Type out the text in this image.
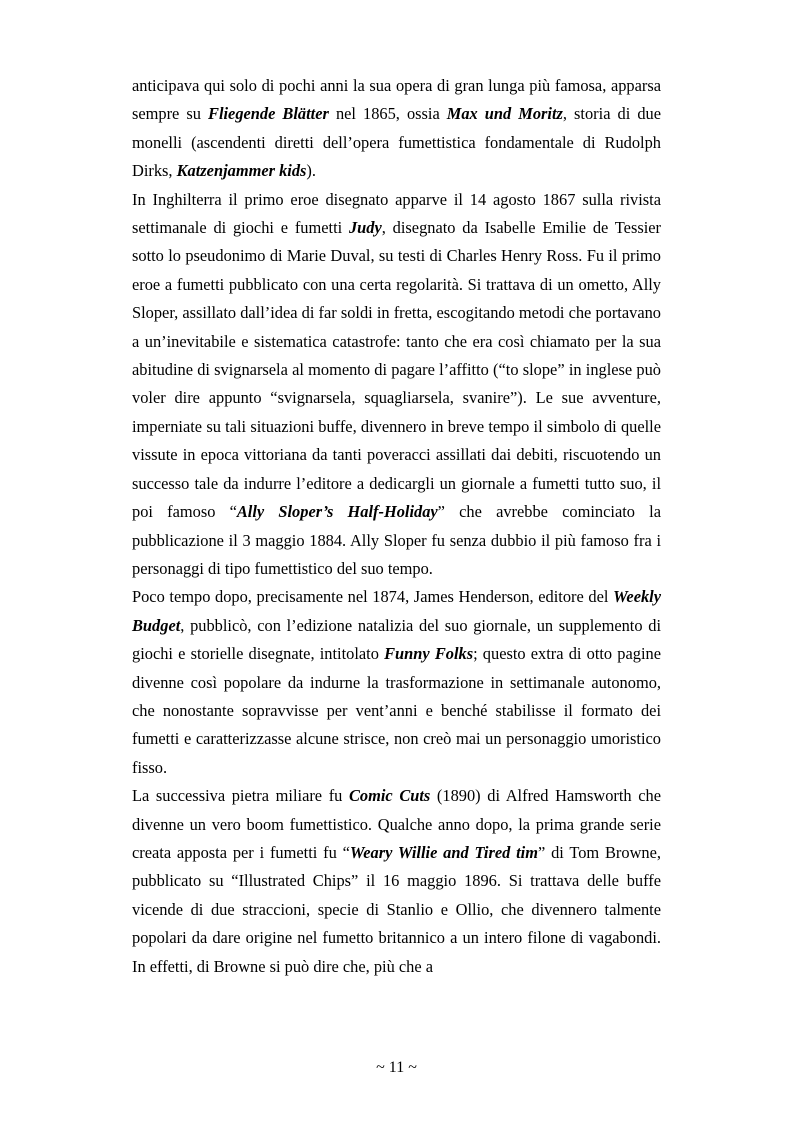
anticipava qui solo di pochi anni la sua opera di gran lunga più famosa, apparsa sempre su Fliegende Blätter nel 1865, ossia Max und Moritz, storia di due monelli (ascendenti diretti dell’opera fumettistica fondamentale di Rudolph Dirks, Katzenjammer kids).

In Inghilterra il primo eroe disegnato apparve il 14 agosto 1867 sulla rivista settimanale di giochi e fumetti Judy, disegnato da Isabelle Emilie de Tessier sotto lo pseudonimo di Marie Duval, su testi di Charles Henry Ross. Fu il primo eroe a fumetti pubblicato con una certa regolarità. Si trattava di un ometto, Ally Sloper, assillato dall’idea di far soldi in fretta, escogitando metodi che portavano a un’inevitabile e sistematica catastrofe: tanto che era così chiamato per la sua abitudine di svignarsela al momento di pagare l’affitto (“to slope” in inglese può voler dire appunto “svignarsela, squagliarsela, svanire”). Le sue avventure, imperniate su tali situazioni buffe, divennero in breve tempo il simbolo di quelle vissute in epoca vittoriana da tanti poveracci assillati dai debiti, riscuotendo un successo tale da indurre l’editore a dedicargli un giornale a fumetti tutto suo, il poi famoso “Ally Sloper’s Half-Holiday” che avrebbe cominciato la pubblicazione il 3 maggio 1884. Ally Sloper fu senza dubbio il più famoso fra i personaggi di tipo fumettistico del suo tempo.

Poco tempo dopo, precisamente nel 1874, James Henderson, editore del Weekly Budget, pubblicò, con l’edizione natalizia del suo giornale, un supplemento di giochi e storielle disegnate, intitolato Funny Folks; questo extra di otto pagine divenne così popolare da indurne la trasformazione in settimanale autonomo, che nonostante sopravvisse per vent’anni e benché stabilisse il formato dei fumetti e caratterizzasse alcune strisce, non creò mai un personaggio umoristico fisso.

La successiva pietra miliare fu Comic Cuts (1890) di Alfred Hamsworth che divenne un vero boom fumettistico. Qualche anno dopo, la prima grande serie creata apposta per i fumetti fu “Weary Willie and Tired tim” di Tom Browne, pubblicato su “Illustrated Chips” il 16 maggio 1896. Si trattava delle buffe vicende di due straccioni, specie di Stanlio e Ollio, che divennero talmente popolari da dare origine nel fumetto britannico a un intero filone di vagabondi. In effetti, di Browne si può dire che, più che a

~ 11 ~
